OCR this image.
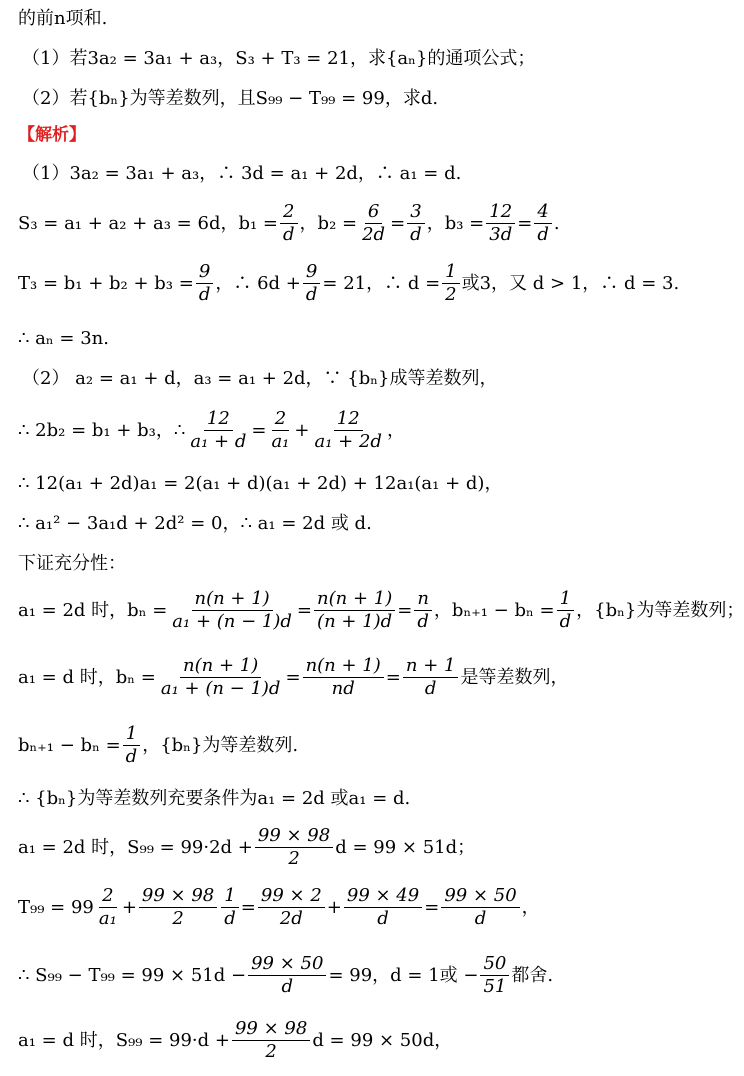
的前n项和.
（1）若3a₂ = 3a₁ + a₃，S₃ + T₃ = 21，求{aₙ}的通项公式；
（2）若{bₙ}为等差数列，且S₉₉ − T₉₉ = 99，求d.
【解析】
（1）3a₂ = 3a₁ + a₃，∴ 3d = a₁ + 2d，∴ a₁ = d.
S₃ = a₁ + a₂ + a₃ = 6d，$b_1 = \frac{2}{d}$ ，$b_2 = \frac{6}{2d} = \frac{3}{d}$ ，$b_3 = \frac{12}{3d} = \frac{4}{d}$ .
$T_3 = b_1 + b_2 + b_3 = \frac{9}{d}$ ，∴ $6d + \frac{9}{d} = 21$，∴ $d = \frac{1}{2}$ 或3，又 d > 1，∴ d = 3.
∴ aₙ = 3n.
（2） a₂ = a₁ + d，a₃ = a₁ + 2d，∵ {bₙ}成等差数列，
∴ 2b₂ = b₁ + b₃，∴ $\frac{12}{\text{a₁ + d}} = \frac{2}{\text{a₁}} + \frac{12}{\text{a₁ + 2d}}$ ，
∴ 12(a₁ + 2d)a₁ = 2(a₁ + d)(a₁ + 2d) + 12a₁(a₁ + d)，
∴ a₁² − 3a₁d + 2d² = 0，∴ a₁ = 2d 或 d.
下证充分性：
a₁ = 2d 时，$b_n = \frac{n(n + 1)}{\text{a₁ + (n − 1)d}} = \frac{n(n + 1)}{(n + 1)d} = \frac{n}{d}$ ，$b_{n+1} - b_n = \frac{1}{d}$ ，{bₙ}为等差数列；
a₁ = d 时，$b_n = \frac{n(n + 1)}{\text{a₁ + (n − 1)d}} = \frac{n(n + 1)}{nd} = \frac{n + 1}{d}$ 是等差数列，
$b_{n+1} - b_n = \frac{1}{d}$ ，{bₙ}为等差数列.
∴ {bₙ}为等差数列充要条件为a₁ = 2d 或a₁ = d.
a₁ = 2d 时，$S_{99} = 99\cdot 2d + \frac{99 \times 98}{2}$ d = 99 × 51d；
$T_{99} = 99 \frac{2}{\text{a₁}} + \frac{99 \times 98}{2} \frac{1}{d} = \frac{99 \times 2}{2d} + \frac{99 \times 49}{d} = \frac{99 \times 50}{d}$ ，
∴ $S_{99} - T_{99} = 99 \times 51d - \frac{99 \times 50}{d} = 99$，d = 1或 − $\frac{50}{51}$ 都舍.
a₁ = d 时，$S_{99} = 99\cdot d + \frac{99 \times 98}{2}$ d = 99 × 50d，
